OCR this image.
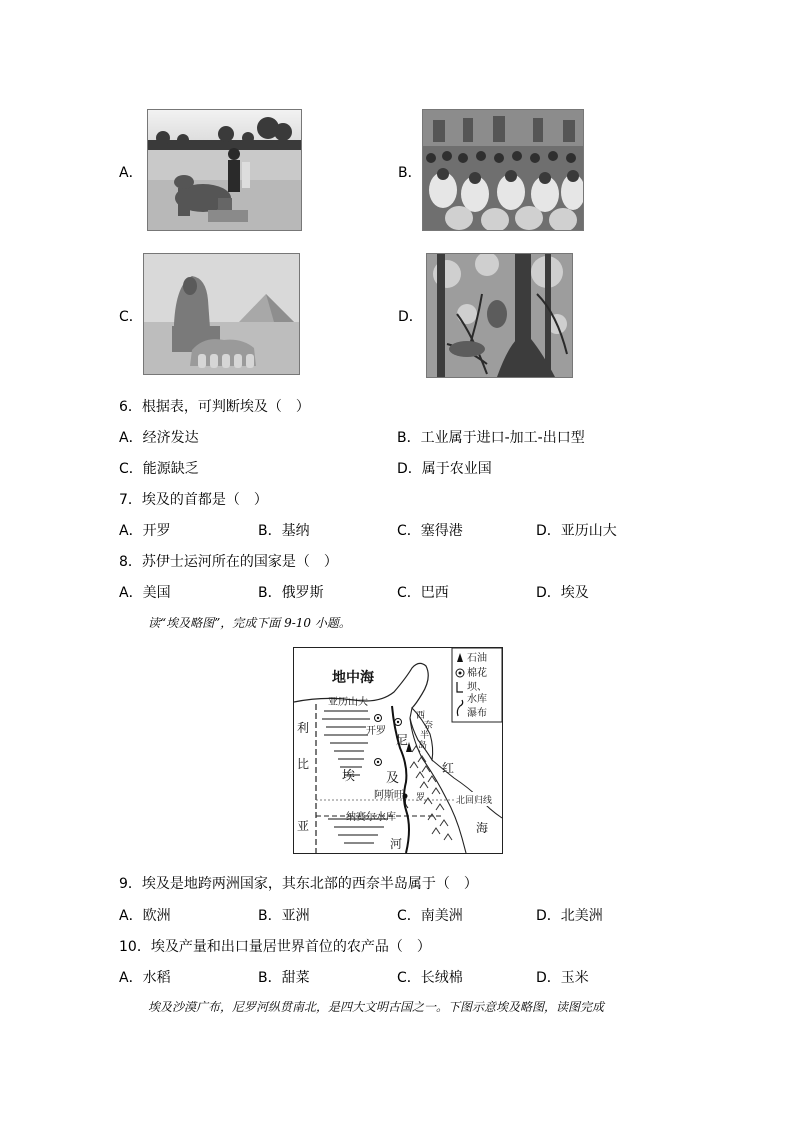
A．	B．
C．	D．
6．根据表，可判断埃及（　）
A．经济发达	B．工业属于进口-加工-出口型
C．能源缺乏	D．属于农业国
7．埃及的首都是（　）
A．开罗	B．基纳	C．塞得港	D．亚历山大
8．苏伊士运河所在的国家是（　）
A．美国	B．俄罗斯	C．巴西	D．埃及
读“埃及略图”，完成下面 9-10 小题。
石油
棉花
坝、
水库
瀑布
地中海
亚历山大
开罗
西
奈
半
岛
利
比
亚
埃 及
尼
罗
河
红
海
阿斯旺
纳赛尔水库
北回归线
9．埃及是地跨两洲国家，其东北部的西奈半岛属于（　）
A．欧洲	B．亚洲	C．南美洲	D．北美洲
10．埃及产量和出口量居世界首位的农产品（　）
A．水稻	B．甜菜	C．长绒棉	D．玉米
埃及沙漠广布，尼罗河纵贯南北，是四大文明古国之一。下图示意埃及略图，读图完成
